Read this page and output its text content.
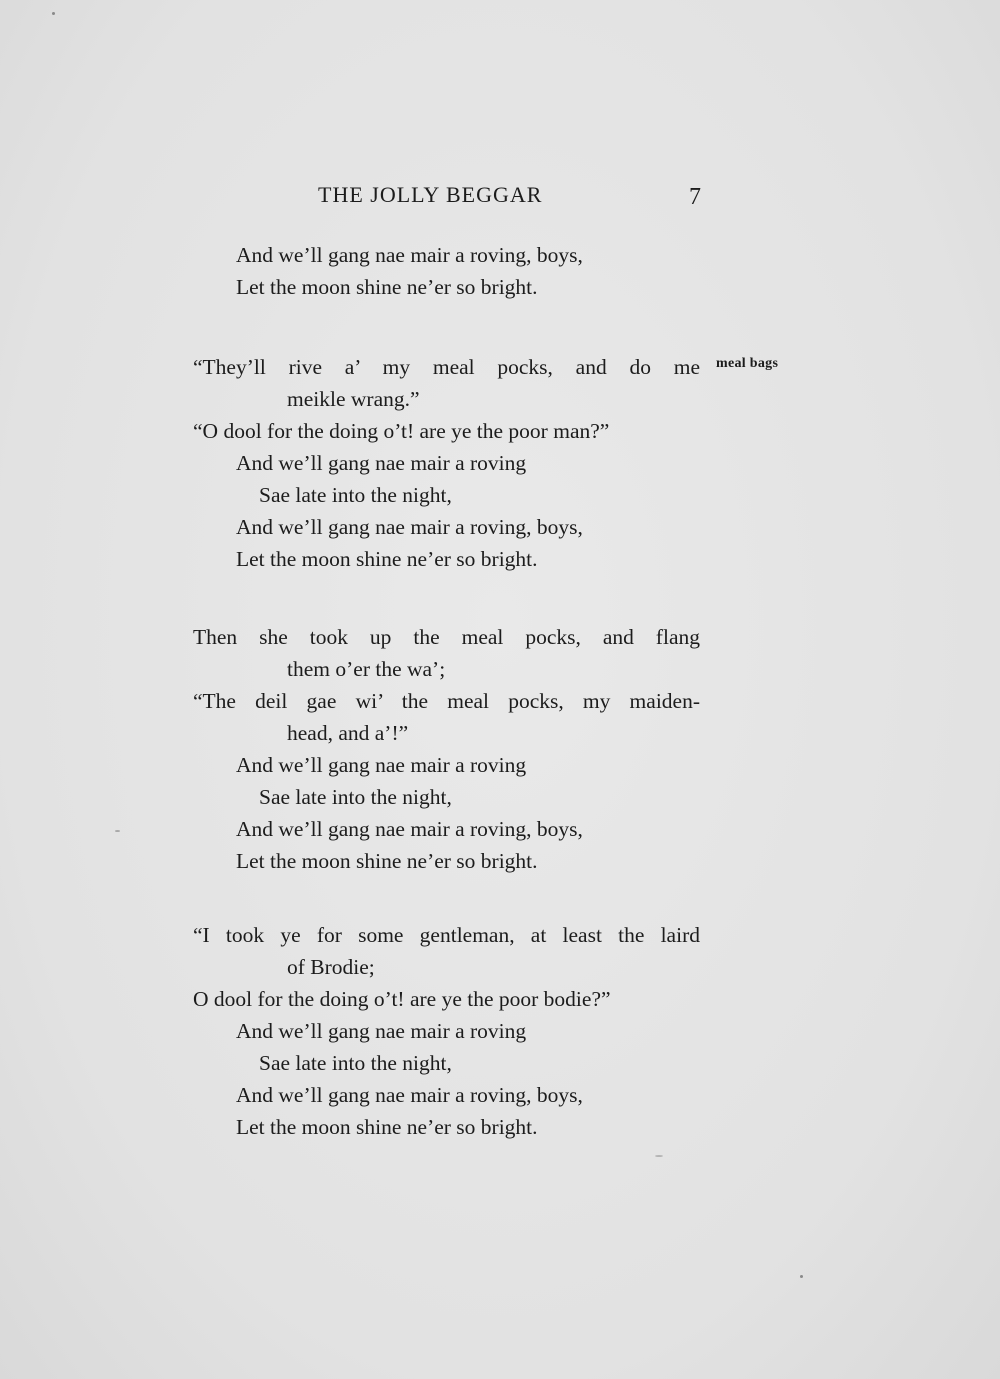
THE JOLLY BEGGAR	7
And we’ll gang nae mair a roving, boys,
Let the moon shine ne’er so bright.
“They’ll rive a’ my meal pocks, and do me meal bags
meikle wrang.”
“O dool for the doing o’t! are ye the poor man?”
And we’ll gang nae mair a roving
Sae late into the night,
And we’ll gang nae mair a roving, boys,
Let the moon shine ne’er so bright.
Then she took up the meal pocks, and flang
them o’er the wa’;
“The deil gae wi’ the meal pocks, my maiden-
head, and a’!”
And we’ll gang nae mair a roving
Sae late into the night,
And we’ll gang nae mair a roving, boys,
Let the moon shine ne’er so bright.
“I took ye for some gentleman, at least the laird
of Brodie;
O dool for the doing o’t! are ye the poor bodie?”
And we’ll gang nae mair a roving
Sae late into the night,
And we’ll gang nae mair a roving, boys,
Let the moon shine ne’er so bright.
